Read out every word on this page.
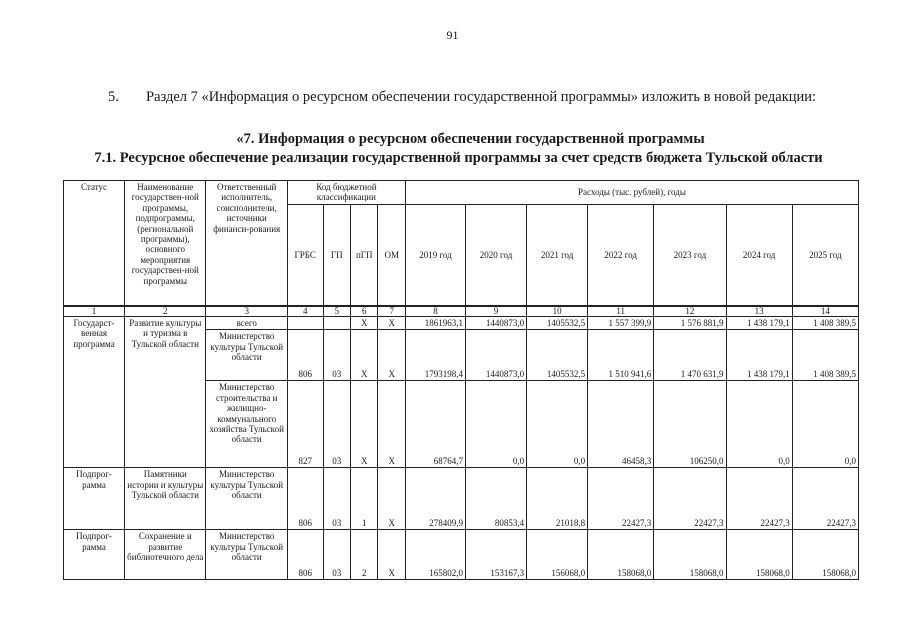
91
5. Раздел 7 «Информация о ресурсном обеспечении государственной программы» изложить в новой редакции:
«7. Информация о ресурсном обеспечении государственной программы
7.1. Ресурсное обеспечение реализации государственной программы за счет средств бюджета Тульской области
Статус	Наименование государствен-ной программы, подпрограммы, (региональной программы), основного мероприятия государствен-ной программы	Ответственный исполнитель, соисполнители, источники финанси-рования	Код бюджетной классификации				Расходы (тыс. рублей), годы						
			ГРБС	ГП	пГП	ОМ	2019 год	2020 год	2021 год	2022 год	2023 год	2024 год	2025 год
1	2	3	4	5	6	7	8	9	10	11	12	13	14
Государст-венная программа	Развитие культуры и туризма в Тульской области	всего			X	X	1861963,1	1440873,0	1405532,5	1 557 399,9	1 576 881,9	1 438 179,1	1 408 389,5
		Министерство культуры Тульской области	806	03	X	X	1793198,4	1440873,0	1405532,5	1 510 941,6	1 470 631,9	1 438 179,1	1 408 389,5
		Министерство строительства и жилищно-коммунального хозяйства Тульской области	827	03	X	X	68764,7	0,0	0,0	46458,3	106250,0	0,0	0,0
Подпрог-рамма	Памятники истории и культуры Тульской области	Министерство культуры Тульской области	806	03	1	X	278409,9	80853,4	21018,8	22427,3	22427,3	22427,3	22427,3
Подпрог-рамма	Сохранение и развитие библиотечного дела	Министерство культуры Тульской области	806	03	2	X	165802,0	153167,3	156068,0	158068,0	158068,0	158068,0	158068,0
